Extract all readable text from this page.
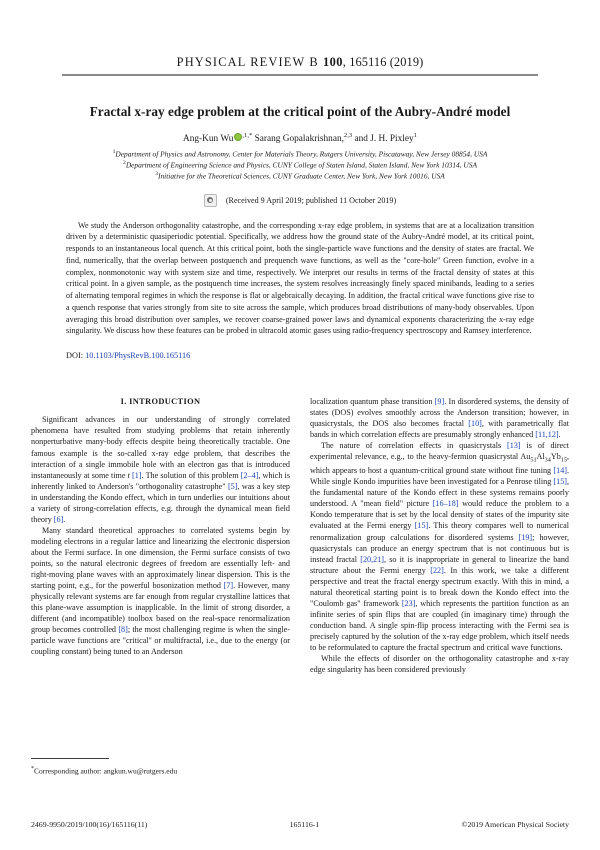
PHYSICAL REVIEW B 100, 165116 (2019)
Fractal x-ray edge problem at the critical point of the Aubry-André model
Ang-Kun Wu $^{,1,*}$ Sarang Gopalakrishnan,$^{2,3}$ and J. H. Pixley$^1$
$^1$Department of Physics and Astronomy, Center for Materials Theory, Rutgers University, Piscataway, New Jersey 08854, USA
$^2$Department of Engineering Science and Physics, CUNY College of Staten Island, Staten Island, New York 10314, USA
$^3$Initiative for the Theoretical Sciences, CUNY Graduate Center, New York, New York 10016, USA
(Received 9 April 2019; published 11 October 2019)
We study the Anderson orthogonality catastrophe, and the corresponding x-ray edge problem, in systems that are at a localization transition driven by a deterministic quasiperiodic potential. Specifically, we address how the ground state of the Aubry-André model, at its critical point, responds to an instantaneous local quench. At this critical point, both the single-particle wave functions and the density of states are fractal. We find, numerically, that the overlap between postquench and prequench wave functions, as well as the "core-hole" Green function, evolve in a complex, nonmonotonic way with system size and time, respectively. We interpret our results in terms of the fractal density of states at this critical point. In a given sample, as the postquench time increases, the system resolves increasingly finely spaced minibands, leading to a series of alternating temporal regimes in which the response is flat or algebraically decaying. In addition, the fractal critical wave functions give rise to a quench response that varies strongly from site to site across the sample, which produces broad distributions of many-body observables. Upon averaging this broad distribution over samples, we recover coarse-grained power laws and dynamical exponents characterizing the x-ray edge singularity. We discuss how these features can be probed in ultracold atomic gases using radio-frequency spectroscopy and Ramsey interference.
DOI: 10.1103/PhysRevB.100.165116
I. INTRODUCTION

Significant advances in our understanding of strongly correlated phenomena have resulted from studying problems that retain inherently nonperturbative many-body effects despite being theoretically tractable. One famous example is the so-called x-ray edge problem, that describes the interaction of a single immobile hole with an electron gas that is introduced instantaneously at some time t [1]. The solution of this problem [2–4], which is inherently linked to Anderson's "orthogonality catastrophe" [5], was a key step in understanding the Kondo effect, which in turn underlies our intuitions about a variety of strong-correlation effects, e.g. through the dynamical mean field theory [6].

Many standard theoretical approaches to correlated systems begin by modeling electrons in a regular lattice and linearizing the electronic dispersion about the Fermi surface. In one dimension, the Fermi surface consists of two points, so the natural electronic degrees of freedom are essentially left- and right-moving plane waves with an approximately linear dispersion. This is the starting point, e.g., for the powerful bosonization method [7]. However, many physically relevant systems are far enough from regular crystalline lattices that this plane-wave assumption is inapplicable. In the limit of strong disorder, a different (and incompatible) toolbox based on the real-space renormalization group becomes controlled [8]; the most challenging regime is when the single-particle wave functions are "critical" or multifractal, i.e., due to the energy (or coupling constant) being tuned to an Anderson

localization quantum phase transition [9]. In disordered systems, the density of states (DOS) evolves smoothly across the Anderson transition; however, in quasicrystals, the DOS also becomes fractal [10], with parametrically flat bands in which correlation effects are presumably strongly enhanced [11,12].

The nature of correlation effects in quasicrystals [13] is of direct experimental relevance, e.g., to the heavy-fermion quasicrystal $Au_{51}Al_{34}Yb_{15}$, which appears to host a quantum-critical ground state without fine tuning [14]. While single Kondo impurities have been investigated for a Penrose tiling [15], the fundamental nature of the Kondo effect in these systems remains poorly understood. A "mean field" picture [16–18] would reduce the problem to a Kondo temperature that is set by the local density of states of the impurity site evaluated at the Fermi energy [15]. This theory compares well to numerical renormalization group calculations for disordered systems [19]; however, quasicrystals can produce an energy spectrum that is not continuous but is instead fractal [20,21], so it is inappropriate in general to linearize the band structure about the Fermi energy [22]. In this work, we take a different perspective and treat the fractal energy spectrum exactly. With this in mind, a natural theoretical starting point is to break down the Kondo effect into the "Coulomb gas" framework [23], which represents the partition function as an infinite series of spin flips that are coupled (in imaginary time) through the conduction band. A single spin-flip process interacting with the Fermi sea is precisely captured by the solution of the x-ray edge problem, which itself needs to be reformulated to capture the fractal spectrum and critical wave functions.

While the effects of disorder on the orthogonality catastrophe and x-ray edge singularity has been considered previously

*Corresponding author: angkun.wu@rutgers.edu
2469-9950/2019/100(16)/165116(11)	165116-1	©2019 American Physical Society
